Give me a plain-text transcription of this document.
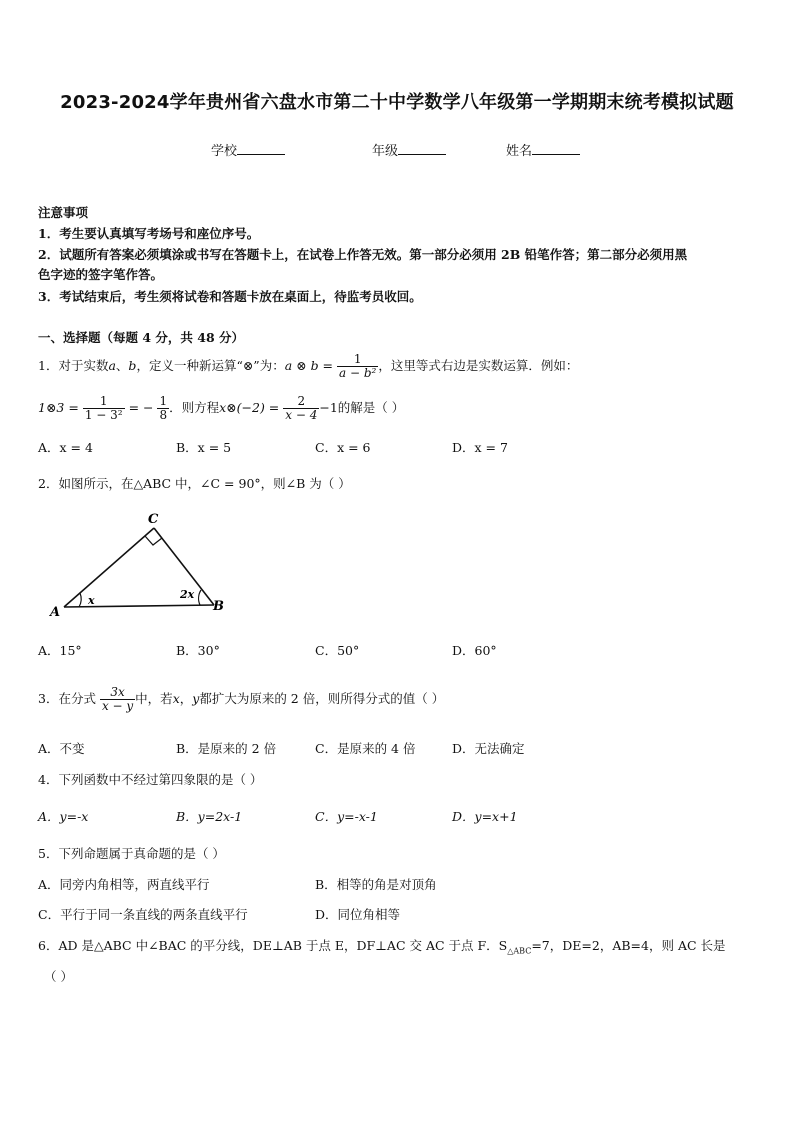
2023-2024学年贵州省六盘水市第二十中学数学八年级第一学期期末统考模拟试题
学校	年级	姓名
注意事项
1．考生要认真填写考场号和座位序号。
2．试题所有答案必须填涂或书写在答题卡上，在试卷上作答无效。第一部分必须用 2B 铅笔作答；第二部分必须用黑
色字迹的签字笔作答。
3．考试结束后，考生须将试卷和答题卡放在桌面上，待监考员收回。
一、选择题（每题 4 分，共 48 分）
1．对于实数a、b，定义一种新运算“⊗”为：a ⊗ $b = \frac{1}{\text{a − b²}}$ ，这里等式右边是实数运算．例如：
1⊗3 = $\frac{1}{\text{1 − 3²}}$ = − $\frac{1}{8}$ ．则方程x⊗(−2) = $\frac{2}{x - 4} -1$的解是（ ）
A．x = 4	B．x = 5	C．x = 6	D．x = 7
2．如图所示，在△ABC 中，∠C = 90°，则∠B 为（ ）
C
A	B
x	2x
A．15°	B．30°	C．50°	D．60°
3．在分式 $\frac{3x}{x - y}$ 中，若x，y都扩大为原来的 2 倍，则所得分式的值（ ）
A．不变	B．是原来的 2 倍	C．是原来的 4 倍	D．无法确定
4．下列函数中不经过第四象限的是（ ）
A．y=-x	B．y=2x-1	C．y=-x-1	D．y=x+1
5．下列命题属于真命题的是（ ）
A．同旁内角相等，两直线平行	B．相等的角是对顶角
C．平行于同一条直线的两条直线平行	D．同位角相等
6．AD 是△ABC 中∠BAC 的平分线，DE⊥AB 于点 E，DF⊥AC 交 AC 于点 F．$S_{\triangle ABC}=7$，DE=2，AB=4，则 AC 长是
（ ）
